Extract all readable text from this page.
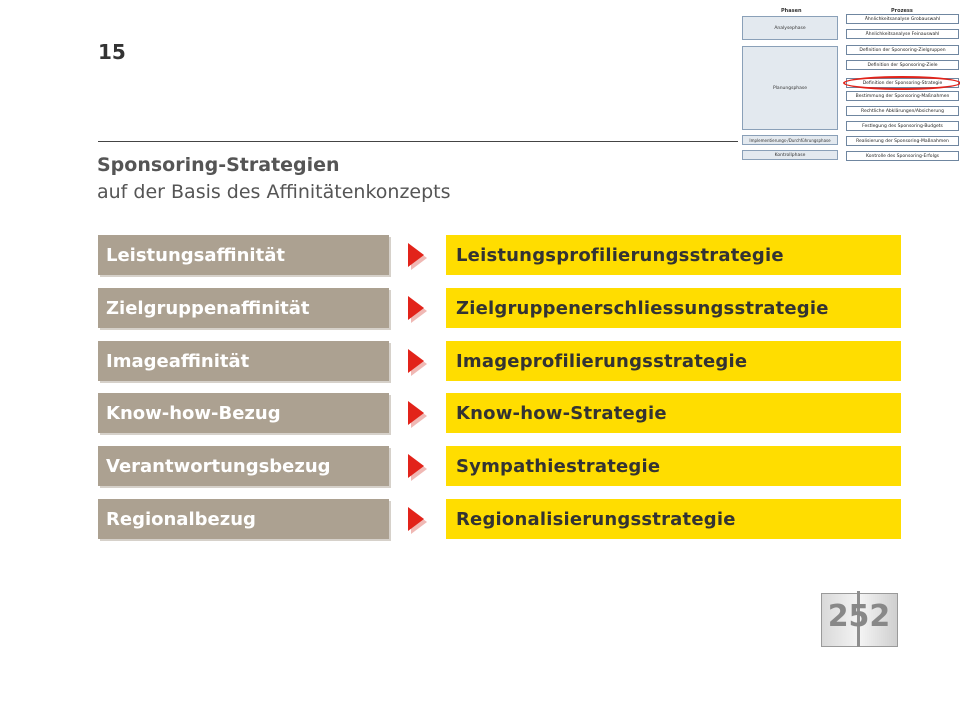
15
Phasen	Prozess
Analysephase
Planungsphase
Implementierungs-/Durchführungsphase
Kontrollphase
Ähnlichkeitsanalyse Grobauswahl
Ähnlichkeitsanalyse Feinauswahl
Definition der Sponsoring-Zielgruppen
Definition der Sponsoring-Ziele
Definition der Sponsoring-Strategie
Bestimmung der Sponsoring-Maßnahmen
Rechtliche Abklärungen/Absicherung
Festlegung des Sponsoring-Budgets
Realisierung der Sponsoring-Maßnahmen
Kontrolle des Sponsoring-Erfolgs
Sponsoring-Strategien
auf der Basis des Affinitätenkonzepts
Leistungsaffinität	Leistungsprofilierungsstrategie
Zielgruppenaffinität	Zielgruppenerschliessungsstrategie
Imageaffinität	Imageprofilierungsstrategie
Know-how-Bezug	Know-how-Strategie
Verantwortungsbezug	Sympathiestrategie
Regionalbezug	Regionalisierungsstrategie
252
